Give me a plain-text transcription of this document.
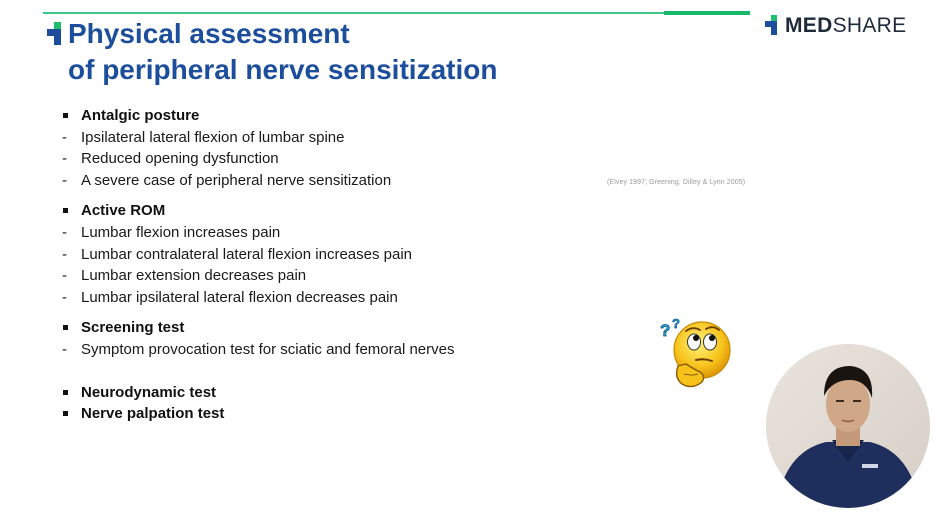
MEDSHARE
Physical assessment
of peripheral nerve sensitization
Antalgic posture
- Ipsilateral lateral flexion of lumbar spine
- Reduced opening dysfunction
- A severe case of peripheral nerve sensitization
Active ROM
- Lumbar flexion increases pain
- Lumbar contralateral lateral flexion increases pain
- Lumbar extension decreases pain
- Lumbar ipsilateral lateral flexion decreases pain
Screening test
- Symptom provocation test for sciatic and femoral nerves
Neurodynamic test
Nerve palpation test
(Elvey 1997; Greening, Dilley & Lynn 2005)
? ?
